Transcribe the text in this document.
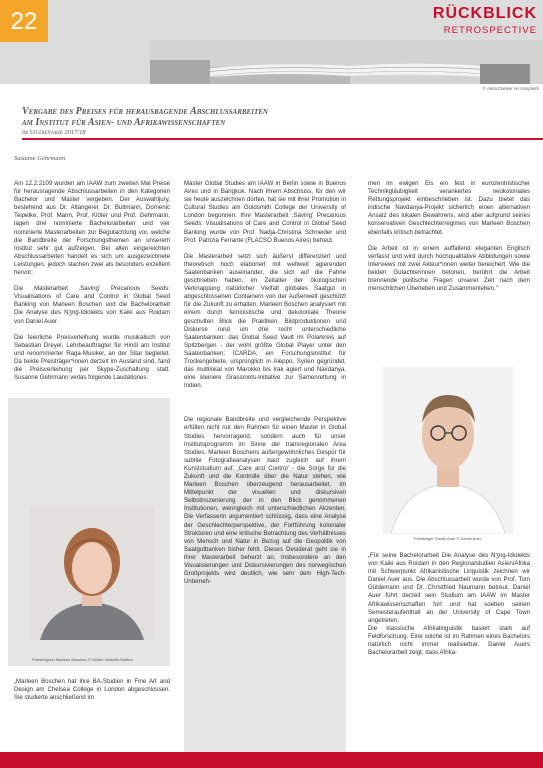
22	RÜCKBLICK
RETROSPECTIVE
© Alina Danker on Unsplash
Vergabe des Preises für herausragende Abschlussarbeiten
am Institut für Asien- und Afrikawissenschaften
im Studienjahr 2017/18
Susanne Gehrmann

Am 12.2.2109 wurden am IAAW zum zweiten Mal Preise für herausragende Abschlussarbeiten in den Kategorien Bachelor und Master vergeben. Der Auswahljury, bestehend aus Dr. Altangerel, Dr. Bultmann, Domenic Teipelke, Prof. Mann, Prof. Klöter und Prof. Gehrmann, lagen drei nominierte Bachelorarbeiten und vier nominierte Masterarbeiten zur Begutachtung vor, welche die Bandbreite der Forschungsthemen an unserem Institut sehr gut aufzeigen. Bei allen eingereichten Abschlussarbeiten handelt es sich um ausgezeichnete Leistungen, jedoch stachen zwei als besonders exzellent hervor:

Die Masterarbeit ‚Saving' Precarious Seeds: Visualisations of Care and Control in Global Seed Banking von Marleen Boschen und die Bachelorarbeit Die Analyse des Nʒng-Idiolekts von Kaiki aus Roidam von Daniel Auer.

Die feierliche Preisverleihung wurde musikalisch von Sebastian Dreyer, Lehrbeauftragter für Hindi am Institut und renommierter Raga-Musiker, an der Sitar begleitet. Da beide Preisträger*innen derzeit im Ausland sind, fand die Preisverleihung per Skype-Zuschaltung statt. Susanne Gehrmann verlas folgende Laudationes:

Preisträgerin Marleen Boschen © Esther Wakelin-Stotten

„Marleen Boschen hat ihre BA-Studien in Fine Art and Design am Chelsea College in London abgeschlossen. Sie studierte anschließend im

Master Global Studies am IAAW in Berlin sowie in Buenos Aires und in Bangkok. Nach ihrem Abschluss, für den wir sie heute auszeichnen dürfen, hat sie mit ihrer Promotion in Cultural Studies am Goldsmith College der University of London begonnen. Ihre Masterarbeit ‚Saving' Precarious Seeds: Visualisations of Care and Control in Global Seed Banking wurde von Prof. Nadja-Christina Schneider und Prof. Patrizia Ferrante (FLACSO Buenos Aires) betreut.

Die Masterarbeit setzt sich äußerst differenziert und theoretisch hoch elaboriert mit weltweit agierenden Saatenbanken auseinander, die sich auf die Fahne geschrieben haben, im Zeitalter der ökologischen Verknappung natürlicher Vielfalt globales Saatgut in abgeschlossenen Containern von der Außenwelt geschützt für die Zukunft zu erhalten. Marleen Boschen analysiert mit einem durch feministische und dekoloniale Theorie geschulten Blick die Praktiken, Bildproduktionen und Diskurse rund um drei recht unterschiedliche Saatenbanken: das Global Seed Vault im Polarkreis auf Spitzbergen - der wohl größte Global Player unter den Saatenbanken; ICARDA, ein Forschungsinstitut für Trockengebiete, ursprünglich in Aleppo, Syrien gegründet, das multilokal von Marokko bis Irak agiert und Navdanya, eine kleinere Grassroots-Initiative zur Samenrettung in Indien.

Die regionale Bandbreite und vergleichende Perspektive erfüllen nicht nur den Rahmen für einen Master in Global Studies hervorragend, sondern auch für unser Institutsprogramm im Sinne der transregionalen Area Studies. Marleen Boschens außergewöhnliches Gespür für subtile Fotografieanalysen baut zugleich auf ihrem Kunststudium auf. ‚Care and Control' - die Sorge für die Zukunft und die Kontrolle über die Natur stehen, wie Marleen Boschen überzeugend herausarbeitet, im Mittelpunkt der visuellen und diskursiven Selbstinszenierung der in den Blick genommenen Institutionen, wenngleich mit unterschiedlichen Akzenten. Die Verfasserin argumentiert schlüssig, dass eine Analyse der Geschlechterperspektive, der Fortführung kolonialer Strukturen und eine kritische Betrachtung des Verhältnisses von Mensch und Natur in Bezug auf die Geopolitik von Saatgutbanken bisher fehlt. Dieses Desiderat geht sie in ihrer Masterarbeit beherzt an. Insbesondere an den Visualisierungen und Diskursivierungen des norwegischen Großprojekts wird deutlich, wie sehr dem High-Tech-Unterneh-

men im ewigen Eis ein fest in eurozentristischer Technikgläubigkeit verankertes neokoloniales Rettungsprojekt einbeschrieben ist. Dazu bietet das indische Navdanya-Projekt sicherlich einen alternativen Ansatz des lokalen Bewahrens, wird aber aufgrund seines konservativen Geschlechterregimes von Marleen Boschen ebenfalls kritisch betrachtet.

Die Arbeit ist in einem auffallend eleganten Englisch verfasst und wird durch hochqualitative Abbildungen sowie Interviews mit zwei Akteur*innen weiter bereichert. Wie die beiden Gutachterinnen betonen, berührt die Arbeit brennende politische Fragen unserer Zeit nach dem menschlichen Überleben und Zusammenleben."

Preisträger Daniel Auer © Daniel Auer

„Für seine Bachelorarbeit Die Analyse des Nʒng-Idiolekts von Kaiki aus Roidam in den Regionalstudien Asien/Afrika mit Schwerpunkt Afrikanistische Linguistik zeichnen wir Daniel Auer aus. Die Abschlussarbeit wurde von Prof. Tom Güldemann und Dr. Christfried Naumann betreut. Daniel Auer führt derzeit sein Studium am IAAW im Master Afrikawissenschaften fort und hat soeben seinen Semesteraufenthalt an der University of Cape Town angetreten.

Die klassische Afrikalinguistik basiert stark auf Feldforschung. Eine solche ist im Rahmen eines Bachelors natürlich nicht immer realisierbar. Daniel Auers Bachelorarbeit zeigt, dass Afrika-
